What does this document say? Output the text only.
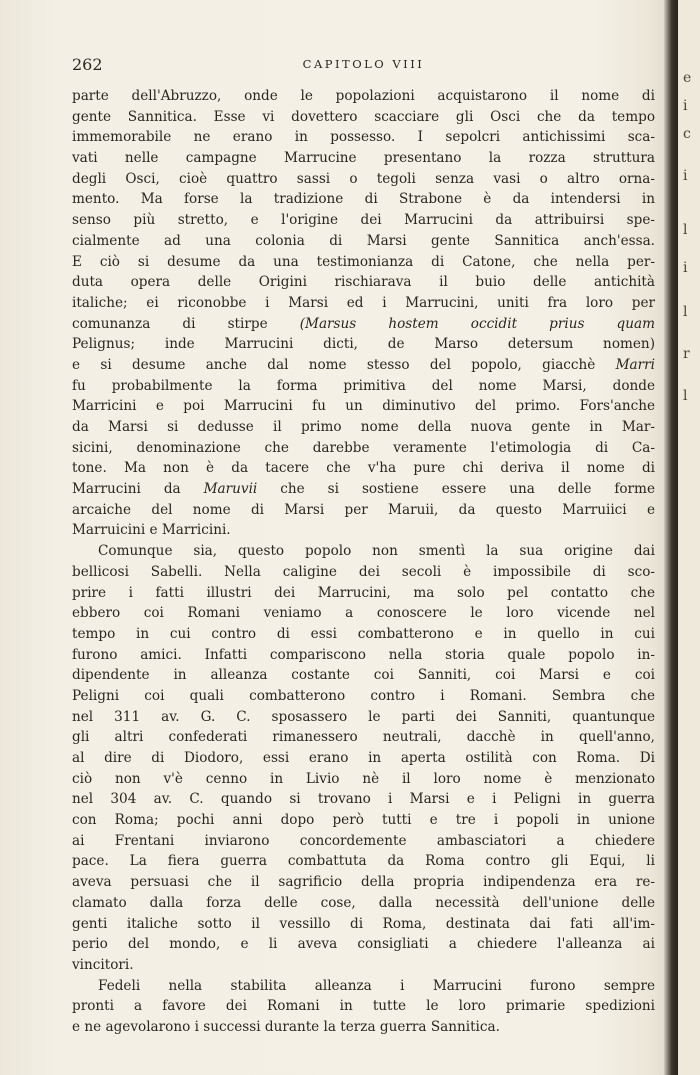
262	CAPITOLO VIII
parte dell'Abruzzo, onde le popolazioni acquistarono il nome di
gente Sannitica. Esse vi dovettero scacciare gli Osci che da tempo
immemorabile ne erano in possesso. I sepolcri antichissimi sca-
vati nelle campagne Marrucine presentano la rozza struttura
degli Osci, cioè quattro sassi o tegoli senza vasi o altro orna-
mento. Ma forse la tradizione di Strabone è da intendersi in
senso più stretto, e l'origine dei Marrucini da attribuirsi spe-
cialmente ad una colonia di Marsi gente Sannitica anch'essa.
E ciò si desume da una testimonianza di Catone, che nella per-
duta opera delle Origini rischiarava il buio delle antichità
italiche; ei riconobbe i Marsi ed i Marrucini, uniti fra loro per
comunanza di stirpe (Marsus hostem occidit prius quam
Pelignus; inde Marrucini dicti, de Marso detersum nomen)
e si desume anche dal nome stesso del popolo, giacchè Marri
fu probabilmente la forma primitiva del nome Marsi, donde
Marricini e poi Marrucini fu un diminutivo del primo. Fors'anche
da Marsi si dedusse il primo nome della nuova gente in Mar-
sicini, denominazione che darebbe veramente l'etimologia di Ca-
tone. Ma non è da tacere che v'ha pure chi deriva il nome di
Marrucini da Maruvii che si sostiene essere una delle forme
arcaiche del nome di Marsi per Maruii, da questo Marruiici e
Marruicini e Marricini.
Comunque sia, questo popolo non smentì la sua origine dai
bellicosi Sabelli. Nella caligine dei secoli è impossibile di sco-
prire i fatti illustri dei Marrucini, ma solo pel contatto che
ebbero coi Romani veniamo a conoscere le loro vicende nel
tempo in cui contro di essi combatterono e in quello in cui
furono amici. Infatti compariscono nella storia quale popolo in-
dipendente in alleanza costante coi Sanniti, coi Marsi e coi
Peligni coi quali combatterono contro i Romani. Sembra che
nel 311 av. G. C. sposassero le parti dei Sanniti, quantunque
gli altri confederati rimanessero neutrali, dacchè in quell'anno,
al dire di Diodoro, essi erano in aperta ostilità con Roma. Di
ciò non v'è cenno in Livio nè il loro nome è menzionato
nel 304 av. C. quando si trovano i Marsi e i Peligni in guerra
con Roma; pochi anni dopo però tutti e tre i popoli in unione
ai Frentani inviarono concordemente ambasciatori a chiedere
pace. La fiera guerra combattuta da Roma contro gli Equi, li
aveva persuasi che il sagrificio della propria indipendenza era re-
clamato dalla forza delle cose, dalla necessità dell'unione delle
genti italiche sotto il vessillo di Roma, destinata dai fati all'im-
perio del mondo, e li aveva consigliati a chiedere l'alleanza ai
vincitori.
Fedeli nella stabilita alleanza i Marrucini furono sempre
pronti a favore dei Romani in tutte le loro primarie spedizioni
e ne agevolarono i successi durante la terza guerra Sannitica.
e
i
c
i
l
i
l
r
l
